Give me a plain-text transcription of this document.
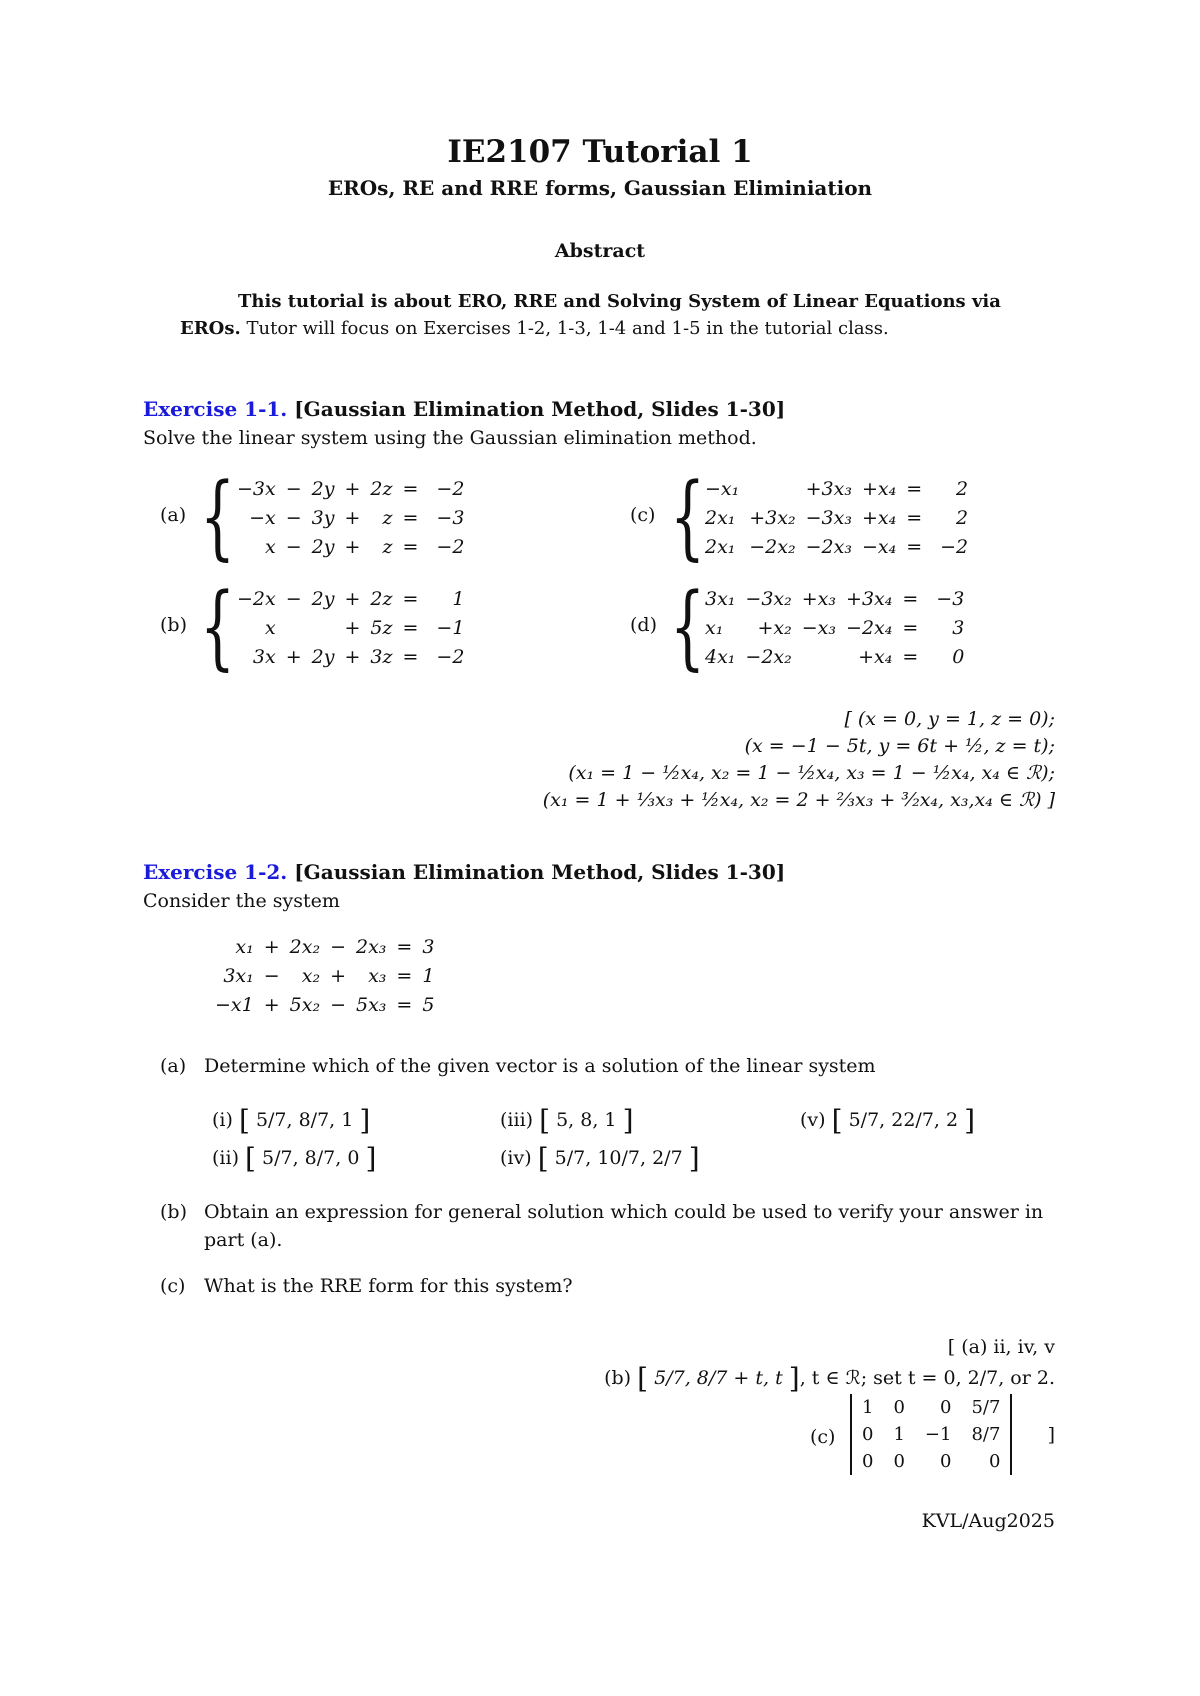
IE2107 Tutorial 1
EROs, RE and RRE forms, Gaussian Eliminiation
Abstract
This tutorial is about ERO, RRE and Solving System of Linear Equations via EROs. Tutor will focus on Exercises 1-2, 1-3, 1-4 and 1-5 in the tutorial class.
Exercise 1-1. [Gaussian Elimination Method, Slides 1-30]
Solve the linear system using the Gaussian elimination method.
(a) { −3x	−	2y	+	2z	=	−2
−x	−	3y	+	z	=	−3
x	−	2y	+	z	=	−2
(c) { −x₁		+3x₃	+x₄	=	2
2x₁	+3x₂	−3x₃	+x₄	=	2
2x₁	−2x₂	−2x₃	−x₄	=	−2
(b) { −2x	−	2y	+	2z	=	1
x			+	5z	=	−1
3x	+	2y	+	3z	=	−2
(d) { 3x₁	−3x₂	+x₃	+3x₄	=	−3
x₁	+x₂	−x₃	−2x₄	=	3
4x₁	−2x₂		+x₄	=	0
[ (x = 0, y = 1, z = 0);
(x = −1 − 5t, y = 6t + ½, z = t);
(x₁ = 1 − ½x₄, x₂ = 1 − ½x₄, x₃ = 1 − ½x₄, x₄ ∈ ℛ);
(x₁ = 1 + ⅓x₃ + ½x₄, x₂ = 2 + ⅔x₃ + ³⁄₂x₄, x₃,x₄ ∈ ℛ) ]
Exercise 1-2. [Gaussian Elimination Method, Slides 1-30]
Consider the system
x₁	+	2x₂	−	2x₃	=	3
3x₁	−	x₂	+	x₃	=	1
−x1	+	5x₂	−	5x₃	=	5
(a) Determine which of the given vector is a solution of the linear system
(i) [ 5/7, 8/7, 1 ]
(ii) [ 5/7, 8/7, 0 ]
(iii) [ 5, 8, 1 ]
(iv) [ 5/7, 10/7, 2/7 ]
(v) [ 5/7, 22/7, 2 ]
(b) Obtain an expression for general solution which could be used to verify your answer in part (a).
(c) What is the RRE form for this system?
[ (a) ii, iv, v
(b) [ 5/7, 8/7 + t, t ], t ∈ ℛ; set t = 0, 2/7, or 2.
(c)
1	0	0	5/7
0	1	−1	8/7
0	0	0	0
]
KVL/Aug2025
